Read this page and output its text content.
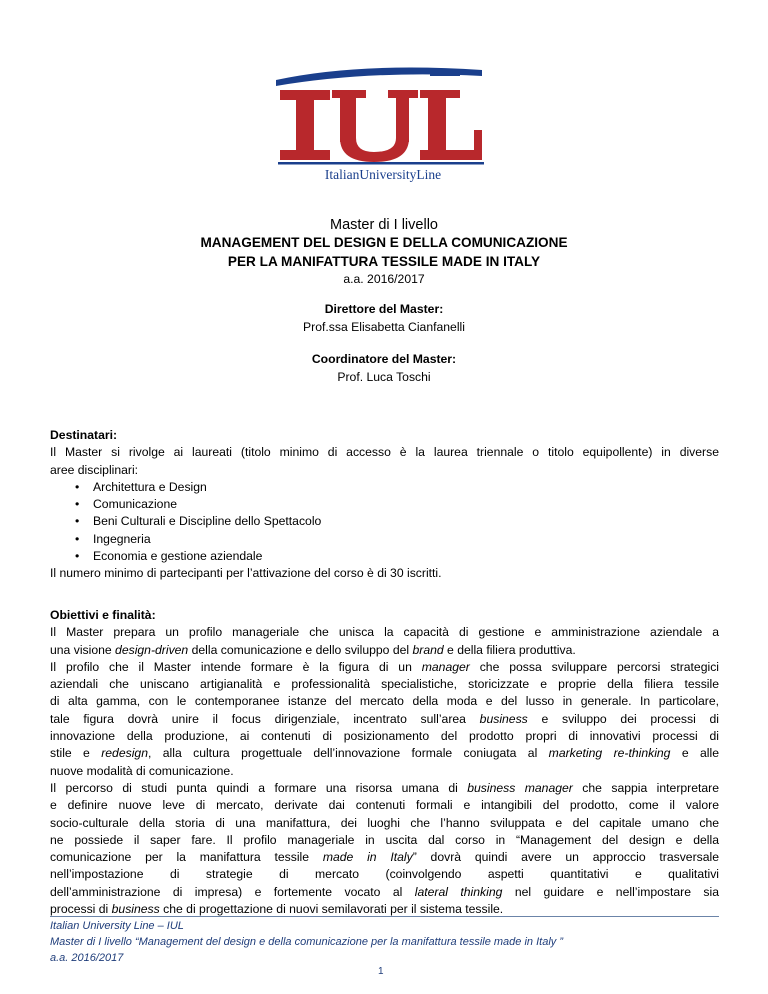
ItalianUniversityLine
Master di I livello
MANAGEMENT DEL DESIGN E DELLA COMUNICAZIONE
PER LA MANIFATTURA TESSILE MADE IN ITALY
a.a. 2016/2017
Direttore del Master:
Prof.ssa Elisabetta Cianfanelli
Coordinatore del Master:
Prof. Luca Toschi
Destinatari:
Il Master si rivolge ai laureati (titolo minimo di accesso è la laurea triennale o titolo equipollente) in diverse
aree disciplinari:
• Architettura e Design
• Comunicazione
• Beni Culturali e Discipline dello Spettacolo
• Ingegneria
• Economia e gestione aziendale
Il numero minimo di partecipanti per l’attivazione del corso è di 30 iscritti.
Obiettivi e finalità:
Il Master prepara un profilo manageriale che unisca la capacità di gestione e amministrazione aziendale a
una visione design-driven della comunicazione e dello sviluppo del brand e della filiera produttiva.
Il profilo che il Master intende formare è la figura di un manager che possa sviluppare percorsi strategici
aziendali che uniscano artigianalità e professionalità specialistiche, storicizzate e proprie della filiera tessile
di alta gamma, con le contemporanee istanze del mercato della moda e del lusso in generale. In particolare,
tale figura dovrà unire il focus dirigenziale, incentrato sull’area business e sviluppo dei processi di
innovazione della produzione, ai contenuti di posizionamento del prodotto propri di innovativi processi di
stile e redesign, alla cultura progettuale dell’innovazione formale coniugata al marketing re-thinking e alle
nuove modalità di comunicazione.
Il percorso di studi punta quindi a formare una risorsa umana di business manager che sappia interpretare
e definire nuove leve di mercato, derivate dai contenuti formali e intangibili del prodotto, come il valore
socio-culturale della storia di una manifattura, dei luoghi che l’hanno sviluppata e del capitale umano che
ne possiede il saper fare. Il profilo manageriale in uscita dal corso in “Management del design e della
comunicazione per la manifattura tessile made in Italy” dovrà quindi avere un approccio trasversale
nell’impostazione di strategie di mercato (coinvolgendo aspetti quantitativi e qualitativi
dell’amministrazione di impresa) e fortemente vocato al lateral thinking nel guidare e nell’impostare sia
processi di business che di progettazione di nuovi semilavorati per il sistema tessile.
Italian University Line – IUL
Master di I livello “Management del design e della comunicazione per la manifattura tessile made in Italy ”
a.a. 2016/2017
1
